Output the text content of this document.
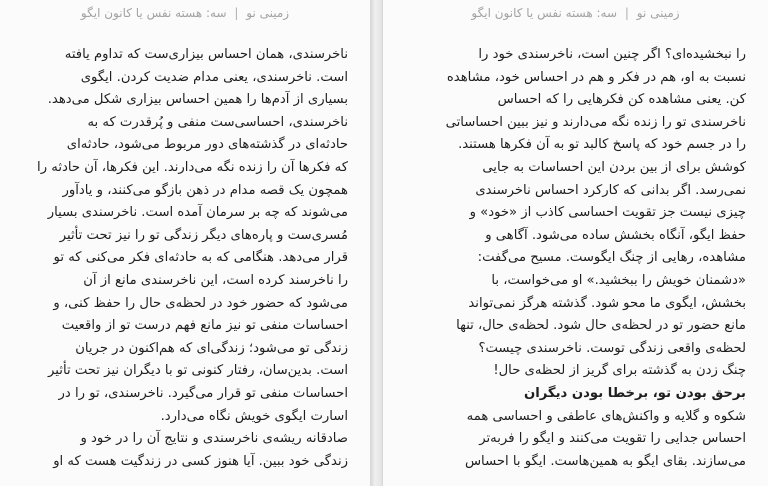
زمینی نو | سه: هسته نفس یا کانون ایگو
ناخرسندی، همان احساس بیزاری‌ست که تداوم یافته
است. ناخرسندی، یعنی مدام ضدیت کردن. ایگوی
بسیاری از آدم‌ها را همین احساس بیزاری شکل می‌دهد.
ناخرسندی، احساسی‌ست منفی و پُرقدرت که به
حادثه‌ای در گذشته‌های دور مربوط می‌شود، حادثه‌ای
که فکرها آن را زنده نگه می‌دارند. این فکرها، آن حادثه را
همچون یک قصه مدام در ذهن بازگو می‌کنند، و یادآور
می‌شوند که چه بر سرمان آمده است. ناخرسندی بسیار
مُسری‌ست و پاره‌های دیگر زندگی تو را نیز تحت تأثیر
قرار می‌دهد. هنگامی که به حادثه‌ای فکر می‌کنی که تو
را ناخرسند کرده است، این ناخرسندی مانع از آن
می‌شود که حضور خود در لحظه‌ی حال را حفظ کنی، و
احساسات منفی تو نیز مانع فهم درست تو از واقعیت
زندگی تو می‌شود؛ زندگی‌ای که هم‌اکنون در جریان
است. بدین‌سان، رفتار کنونی تو با دیگران نیز تحت تأثیر
احساسات منفی تو قرار می‌گیرد. ناخرسندی، تو را در
اسارت ایگوی خویش نگاه می‌دارد.
صادقانه ریشه‌ی ناخرسندی و نتایج آن را در خود و
زندگی خود ببین. آیا هنوز کسی در زندگیت هست که او
زمینی نو | سه: هسته نفس یا کانون ایگو
را نبخشیده‌ای؟ اگر چنین است، ناخرسندی خود را
نسبت به او، هم در فکر و هم در احساس خود، مشاهده
کن. یعنی مشاهده کن فکرهایی را که احساس
ناخرسندی تو را زنده نگه می‌دارند و نیز ببین احساساتی
را در جسم خود که پاسخ کالبد تو به آن فکرها هستند.
کوشش برای از بین بردن این احساسات به جایی
نمی‌رسد. اگر بدانی که کارکرد احساس ناخرسندی
چیزی نیست جز تقویت احساسی کاذب از «خود» و
حفظ ایگو، آنگاه بخشش ساده می‌شود. آگاهی و
مشاهده، رهایی از چنگ ایگوست. مسیح می‌گفت:
«دشمنان خویش را ببخشید.» او می‌خواست، با
بخشش، ایگوی ما محو شود. گذشته هرگز نمی‌تواند
مانع حضور تو در لحظه‌ی حال شود. لحظه‌ی حال، تنها
لحظه‌ی واقعی زندگی توست. ناخرسندی چیست؟
چنگ زدن به گذشته برای گریز از لحظه‌ی حال!
برحق بودن تو، برخطا بودن دیگران
شکوه و گلایه و واکنش‌های عاطفی و احساسی همه
احساس جدایی را تقویت می‌کنند و ایگو را فربه‌تر
می‌سازند. بقای ایگو به همین‌هاست. ایگو با احساس
